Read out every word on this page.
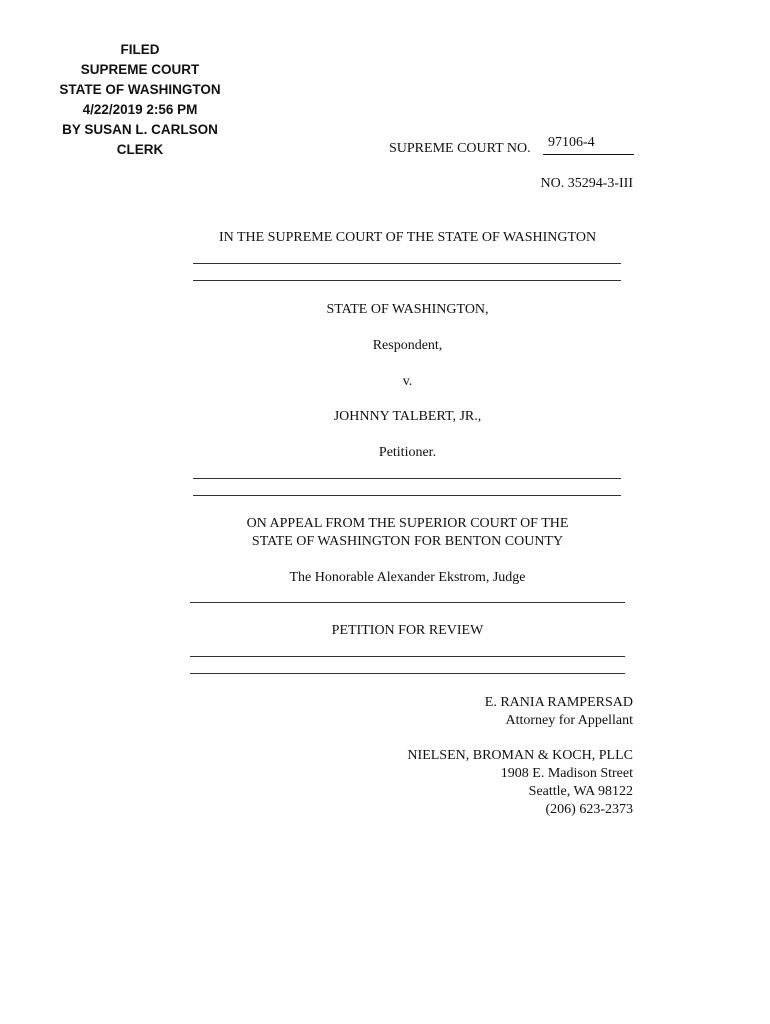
FILED
SUPREME COURT
STATE OF WASHINGTON
4/22/2019 2:56 PM
BY SUSAN L. CARLSON
CLERK	SUPREME COURT NO.	97106-4
NO. 35294-3-III
IN THE SUPREME COURT OF THE STATE OF WASHINGTON
STATE OF WASHINGTON,
Respondent,
v.
JOHNNY TALBERT, JR.,
Petitioner.
ON APPEAL FROM THE SUPERIOR COURT OF THE
STATE OF WASHINGTON FOR BENTON COUNTY
The Honorable Alexander Ekstrom, Judge
PETITION FOR REVIEW
E. RANIA RAMPERSAD
Attorney for Appellant
NIELSEN, BROMAN & KOCH, PLLC
1908 E. Madison Street
Seattle, WA 98122
(206) 623-2373
